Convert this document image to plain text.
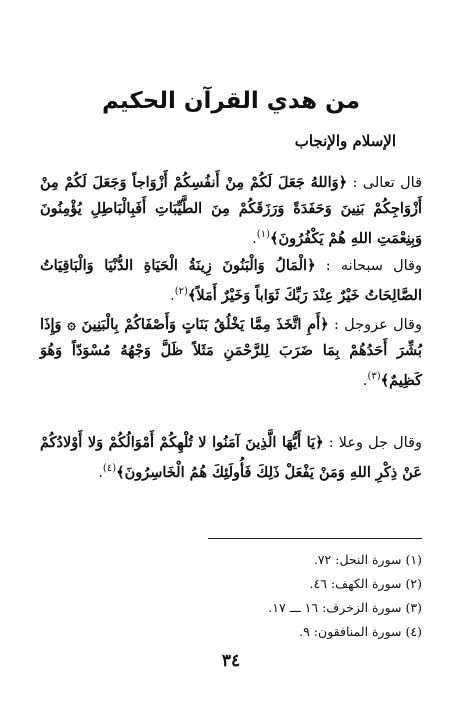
من هدي القرآن الحكيم
الإسلام والإنجاب

قال تعالى : ﴿وَاللهُ جَعَلَ لَكُمْ مِنْ أَنفُسِكُمْ أَزْوَاجاً وَجَعَلَ لَكُمْ مِنْ أَزْوَاجِكُمْ بَنِينَ وَحَفَدَةً وَرَزَقَكُمْ مِنَ الطَّيِّبَاتِ أَفَبِالْبَاطِلِ يُؤْمِنُونَ وَبِنِعْمَتِ اللهِ هُمْ يَكْفُرُونَ﴾$^{(١)}$.

وقال سبحانه : ﴿الْمَالُ وَالْبَنُونَ زِينَةُ الْحَيَاةِ الدُّنْيَا وَالْبَاقِيَاتُ الصَّالِحَاتُ خَيْرٌ عِنْدَ رَبِّكَ ثَوَاباً وَخَيْرٌ أَمَلاً﴾$^{(٢)}$.

وقال عزوجل : ﴿أَمِ اتَّخَذَ مِمَّا يَخْلُقُ بَنَاتٍ وَأَصْفَاكُمْ بِالْبَنِينَ ۞ وَإِذَا بُشِّرَ أَحَدُهُمْ بِمَا ضَرَبَ لِلرَّحْمَنِ مَثَلاً ظَلَّ وَجْهُهُ مُسْوَدّاً وَهُوَ كَظِيمٌ﴾$^{(٣)}$.

وقال جل وعلا : ﴿يَا أَيُّهَا الَّذِينَ آمَنُوا لا تُلْهِكُمْ أَمْوَالُكُمْ وَلا أَوْلادُكُمْ عَنْ ذِكْرِ اللهِ وَمَنْ يَفْعَلْ ذَلِكَ فَأُولَئِكَ هُمُ الْخَاسِرُونَ﴾$^{(٤)}$.

(١) سورة النحل: ٧٢.
(٢) سورة الكهف: ٤٦.
(٣) سورة الزخرف: ١٦ ـــ ١٧.
(٤) سورة المنافقون: ٩.
٣٤
